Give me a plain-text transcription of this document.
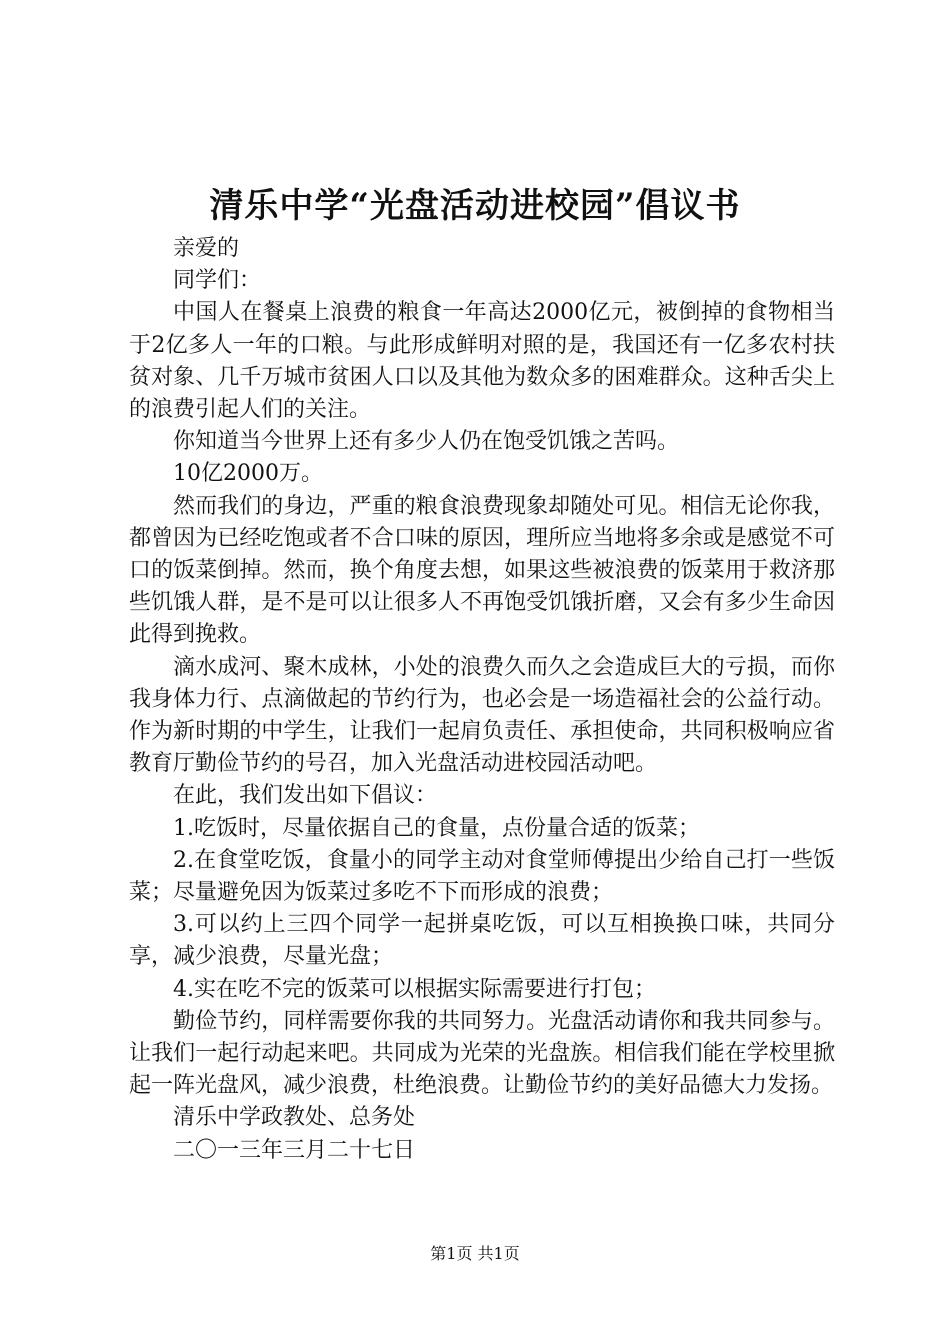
清乐中学“光盘活动进校园”倡议书

亲爱的

同学们：

中国人在餐桌上浪费的粮食一年高达2000亿元，被倒掉的食物相当于2亿多人一年的口粮。与此形成鲜明对照的是，我国还有一亿多农村扶贫对象、几千万城市贫困人口以及其他为数众多的困难群众。这种舌尖上的浪费引起人们的关注。

你知道当今世界上还有多少人仍在饱受饥饿之苦吗。

10亿2000万。

然而我们的身边，严重的粮食浪费现象却随处可见。相信无论你我，都曾因为已经吃饱或者不合口味的原因，理所应当地将多余或是感觉不可口的饭菜倒掉。然而，换个角度去想，如果这些被浪费的饭菜用于救济那些饥饿人群，是不是可以让很多人不再饱受饥饿折磨，又会有多少生命因此得到挽救。

滴水成河、聚木成林，小处的浪费久而久之会造成巨大的亏损，而你我身体力行、点滴做起的节约行为，也必会是一场造福社会的公益行动。作为新时期的中学生，让我们一起肩负责任、承担使命，共同积极响应省教育厅勤俭节约的号召，加入光盘活动进校园活动吧。

在此，我们发出如下倡议：

1.吃饭时，尽量依据自己的食量，点份量合适的饭菜；

2.在食堂吃饭，食量小的同学主动对食堂师傅提出少给自己打一些饭菜；尽量避免因为饭菜过多吃不下而形成的浪费；

3.可以约上三四个同学一起拼桌吃饭，可以互相换换口味，共同分享，减少浪费，尽量光盘；

4.实在吃不完的饭菜可以根据实际需要进行打包；

勤俭节约，同样需要你我的共同努力。光盘活动请你和我共同参与。让我们一起行动起来吧。共同成为光荣的光盘族。相信我们能在学校里掀起一阵光盘风，减少浪费，杜绝浪费。让勤俭节约的美好品德大力发扬。

清乐中学政教处、总务处

二〇一三年三月二十七日

第1页 共1页
